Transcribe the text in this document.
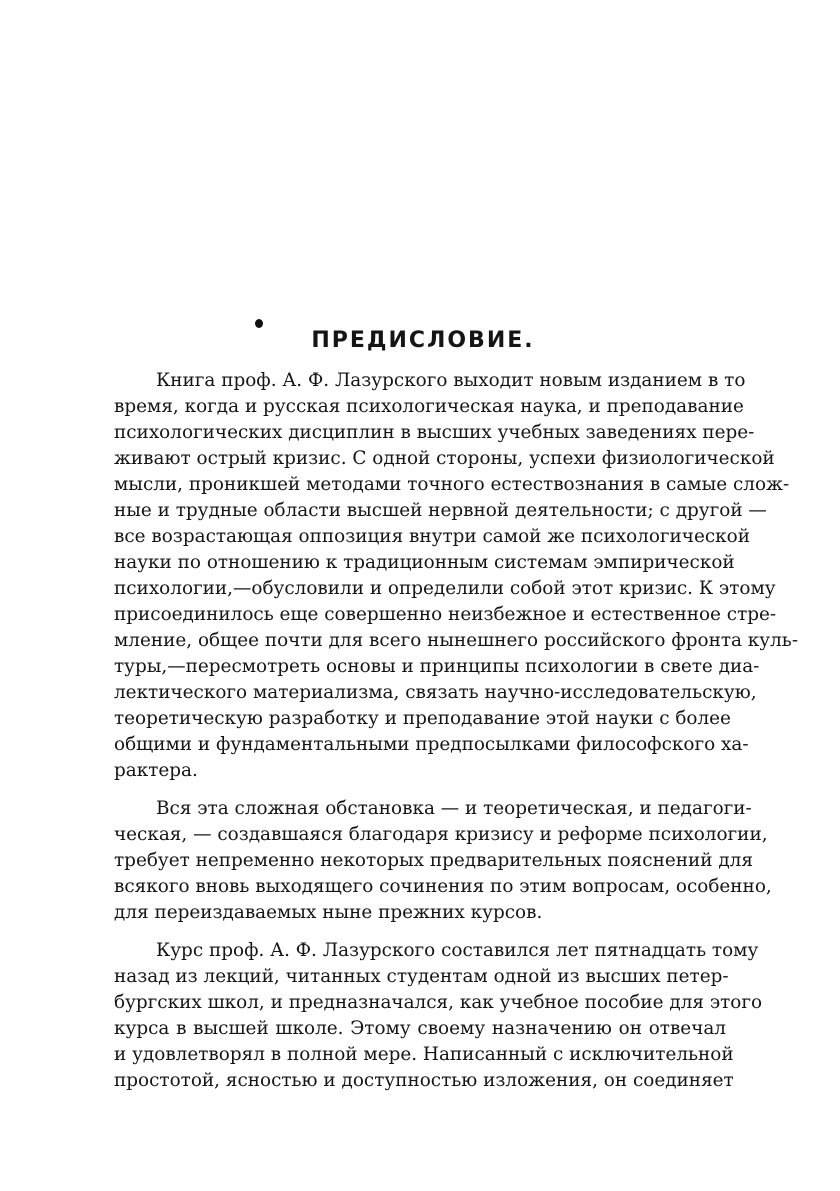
ПРЕДИСЛОВИЕ.
Книга проф. А. Ф. Лазурского выходит новым изданием в то
время, когда и русская психологическая наука, и преподавание
психологических дисциплин в высших учебных заведениях пере-
живают острый кризис. С одной стороны, успехи физиологической
мысли, проникшей методами точного естествознания в самые слож-
ные и трудные области высшей нервной деятельности; с другой —
все возрастающая оппозиция внутри самой же психологической
науки по отношению к традиционным системам эмпирической
психологии,—обусловили и определили собой этот кризис. К этому
присоединилось еще совершенно неизбежное и естественное стре-
мление, общее почти для всего нынешнего российского фронта куль-
туры,—пересмотреть основы и принципы психологии в свете диа-
лектического материализма, связать научно-исследовательскую,
теоретическую разработку и преподавание этой науки с более
общими и фундаментальными предпосылками философского ха-
рактера.
Вся эта сложная обстановка — и теоретическая, и педагоги-
ческая, — создавшаяся благодаря кризису и реформе психологии,
требует непременно некоторых предварительных пояснений для
всякого вновь выходящего сочинения по этим вопросам, особенно,
для переиздаваемых ныне прежних курсов.
Курс проф. А. Ф. Лазурского составился лет пятнадцать тому
назад из лекций, читанных студентам одной из высших петер-
бургских школ, и предназначался, как учебное пособие для этого
курса в высшей школе. Этому своему назначению он отвечал
и удовлетворял в полной мере. Написанный с исключительной
простотой, ясностью и доступностью изложения, он соединяет
